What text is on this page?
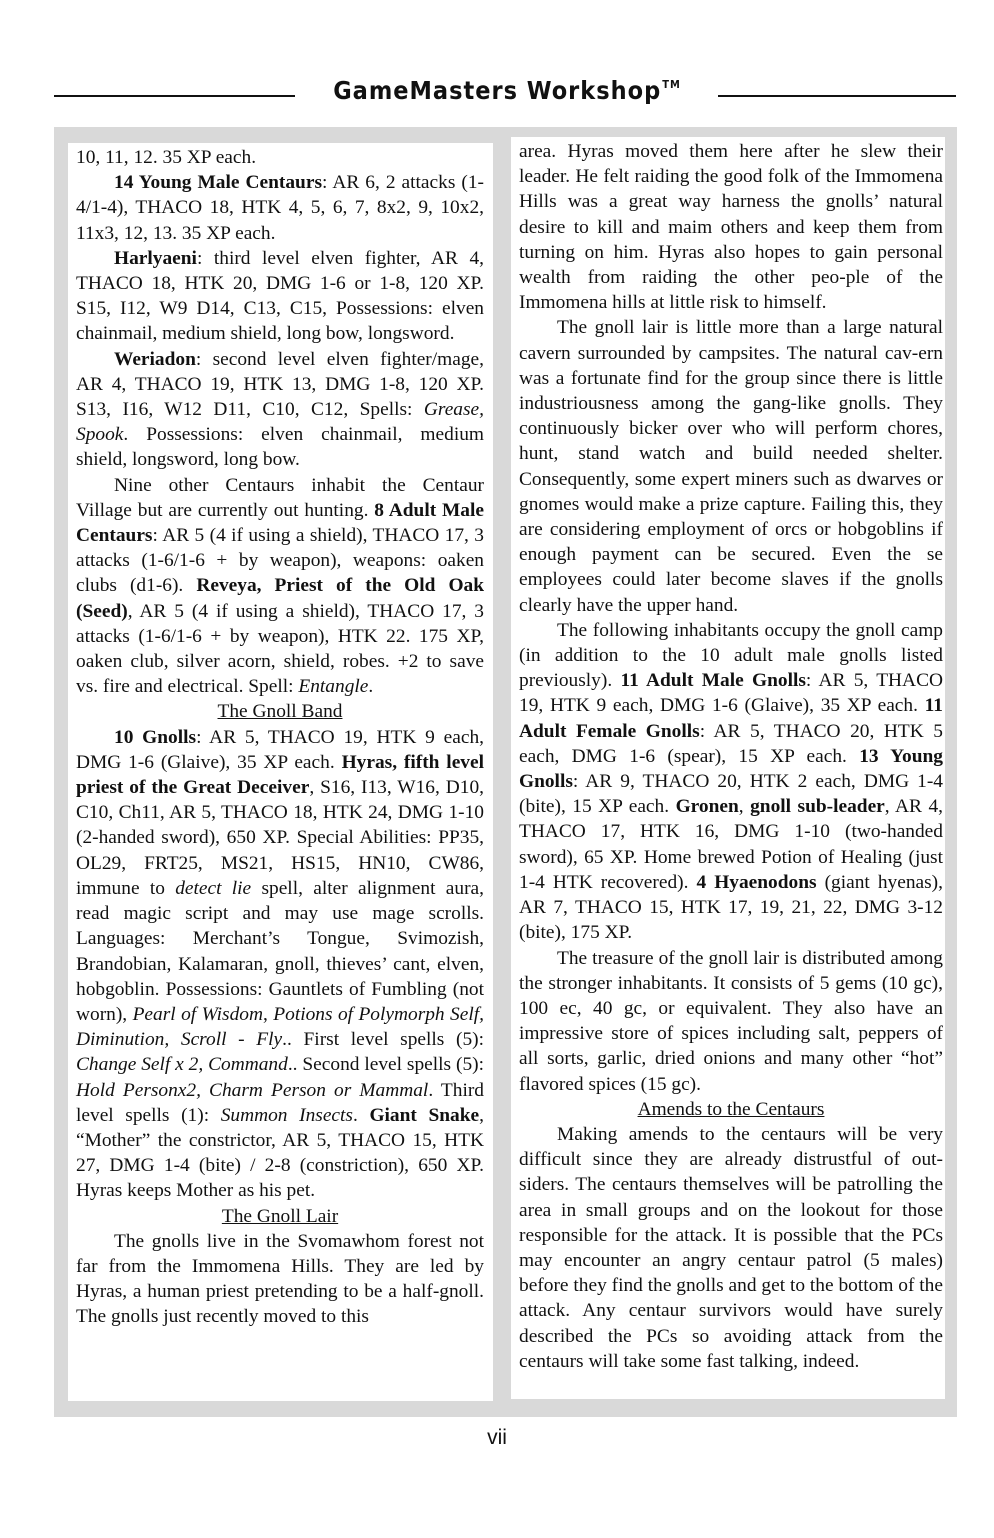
GameMasters Workshop™

10, 11, 12. 35 XP each.

14 Young Male Centaurs: AR 6, 2 attacks (1-4/1-4), THACO 18, HTK 4, 5, 6, 7, 8x2, 9, 10x2, 11x3, 12, 13. 35 XP each.

Harlyaeni: third level elven fighter, AR 4, THACO 18, HTK 20, DMG 1-6 or 1-8, 120 XP. S15, I12, W9 D14, C13, C15, Possessions: elven chainmail, medium shield, long bow, longsword.

Weriadon: second level elven fighter/mage, AR 4, THACO 19, HTK 13, DMG 1-8, 120 XP. S13, I16, W12 D11, C10, C12, Spells: Grease, Spook. Possessions: elven chainmail, medium shield, longsword, long bow.

Nine other Centaurs inhabit the Centaur Village but are currently out hunting. 8 Adult Male Centaurs: AR 5 (4 if using a shield), THACO 17, 3 attacks (1-6/1-6 + by weapon), weapons: oaken clubs (d1-6). Reveya, Priest of the Old Oak (Seed), AR 5 (4 if using a shield), THACO 17, 3 attacks (1-6/1-6 + by weapon), HTK 22. 175 XP, oaken club, silver acorn, shield, robes. +2 to save vs. fire and electrical. Spell: Entangle.

The Gnoll Band

10 Gnolls: AR 5, THACO 19, HTK 9 each, DMG 1-6 (Glaive), 35 XP each. Hyras, fifth level priest of the Great Deceiver, S16, I13, W16, D10, C10, Ch11, AR 5, THACO 18, HTK 24, DMG 1-10 (2-handed sword), 650 XP. Special Abilities: PP35, OL29, FRT25, MS21, HS15, HN10, CW86, immune to detect lie spell, alter alignment aura, read magic script and may use mage scrolls. Languages: Merchant’s Tongue, Svimozish, Brandobian, Kalamaran, gnoll, thieves’ cant, elven, hobgoblin. Possessions: Gauntlets of Fumbling (not worn), Pearl of Wisdom, Potions of Polymorph Self, Diminution, Scroll - Fly.. First level spells (5): Change Self x 2, Command.. Second level spells (5): Hold Personx2, Charm Person or Mammal. Third level spells (1): Summon Insects. Giant Snake, “Mother” the constrictor, AR 5, THACO 15, HTK 27, DMG 1-4 (bite) / 2-8 (constriction), 650 XP. Hyras keeps Mother as his pet.

The Gnoll Lair

The gnolls live in the Svomawhom forest not far from the Immomena Hills. They are led by Hyras, a human priest pretending to be a half-gnoll. The gnolls just recently moved to this

area. Hyras moved them here after he slew their leader. He felt raiding the good folk of the Immomena Hills was a great way harness the gnolls’ natural desire to kill and maim others and keep them from turning on him. Hyras also hopes to gain personal wealth from raiding the other peo-ple of the Immomena hills at little risk to himself.

The gnoll lair is little more than a large natural cavern surrounded by campsites. The natural cav-ern was a fortunate find for the group since there is little industriousness among the gang-like gnolls. They continuously bicker over who will perform chores, hunt, stand watch and build needed shelter. Consequently, some expert miners such as dwarves or gnomes would make a prize capture. Failing this, they are considering employment of orcs or hobgoblins if enough payment can be secured. Even the se employees could later become slaves if the gnolls clearly have the upper hand.

The following inhabitants occupy the gnoll camp (in addition to the 10 adult male gnolls listed previously). 11 Adult Male Gnolls: AR 5, THACO 19, HTK 9 each, DMG 1-6 (Glaive), 35 XP each. 11 Adult Female Gnolls: AR 5, THACO 20, HTK 5 each, DMG 1-6 (spear), 15 XP each. 13 Young Gnolls: AR 9, THACO 20, HTK 2 each, DMG 1-4 (bite), 15 XP each. Gronen, gnoll sub-leader, AR 4, THACO 17, HTK 16, DMG 1-10 (two-handed sword), 65 XP. Home brewed Potion of Healing (just 1-4 HTK recovered). 4 Hyaenodons (giant hyenas), AR 7, THACO 15, HTK 17, 19, 21, 22, DMG 3-12 (bite), 175 XP.

The treasure of the gnoll lair is distributed among the stronger inhabitants. It consists of 5 gems (10 gc), 100 ec, 40 gc, or equivalent. They also have an impressive store of spices including salt, peppers of all sorts, garlic, dried onions and many other “hot” flavored spices (15 gc).

Amends to the Centaurs

Making amends to the centaurs will be very difficult since they are already distrustful of out-siders. The centaurs themselves will be patrolling the area in small groups and on the lookout for those responsible for the attack. It is possible that the PCs may encounter an angry centaur patrol (5 males) before they find the gnolls and get to the bottom of the attack. Any centaur survivors would have surely described the PCs so avoiding attack from the centaurs will take some fast talking, indeed.

vii
